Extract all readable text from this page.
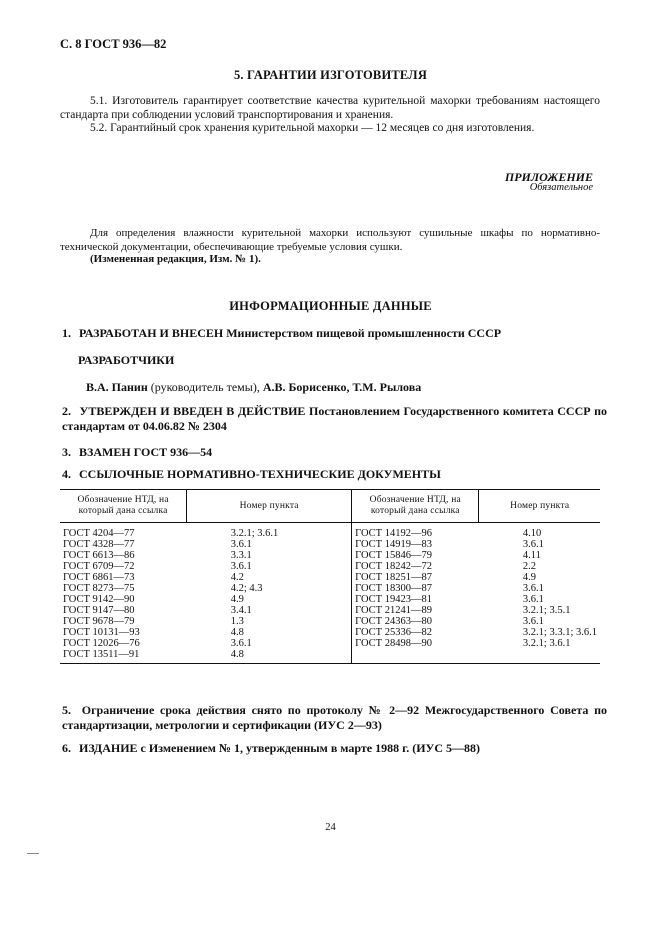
С. 8 ГОСТ 936—82
5. ГАРАНТИИ ИЗГОТОВИТЕЛЯ

5.1. Изготовитель гарантирует соответствие качества курительной махорки требованиям настоящего стандарта при соблюдении условий транспортирования и хранения.

5.2. Гарантийный срок хранения курительной махорки — 12 месяцев со дня изготовления.

ПРИЛОЖЕНИЕ
Обязательное

Для определения влажности курительной махорки используют сушильные шкафы по нормативно-технической документации, обеспечивающие требуемые условия сушки.

(Измененная редакция, Изм. № 1).

ИНФОРМАЦИОННЫЕ ДАННЫЕ
1. РАЗРАБОТАН И ВНЕСЕН Министерством пищевой промышленности СССР
РАЗРАБОТЧИКИ
В.А. Панин (руководитель темы), А.В. Борисенко, Т.М. Рылова
2. УТВЕРЖДЕН И ВВЕДЕН В ДЕЙСТВИЕ Постановлением Государственного комитета СССР по стандартам от 04.06.82 № 2304
3. ВЗАМЕН ГОСТ 936—54
4. ССЫЛОЧНЫЕ НОРМАТИВНО-ТЕХНИЧЕСКИЕ ДОКУМЕНТЫ
Обозначение НТД, на который дана ссылка	Номер пункта	Обозначение НТД, на который дана ссылка	Номер пункта
ГОСТ 4204—77	3.2.1; 3.6.1	ГОСТ 14192—96	4.10
ГОСТ 4328—77	3.6.1	ГОСТ 14919—83	3.6.1
ГОСТ 6613—86	3.3.1	ГОСТ 15846—79	4.11
ГОСТ 6709—72	3.6.1	ГОСТ 18242—72	2.2
ГОСТ 6861—73	4.2	ГОСТ 18251—87	4.9
ГОСТ 8273—75	4.2; 4.3	ГОСТ 18300—87	3.6.1
ГОСТ 9142—90	4.9	ГОСТ 19423—81	3.6.1
ГОСТ 9147—80	3.4.1	ГОСТ 21241—89	3.2.1; 3.5.1
ГОСТ 9678—79	1.3	ГОСТ 24363—80	3.6.1
ГОСТ 10131—93	4.8	ГОСТ 25336—82	3.2.1; 3.3.1; 3.6.1
ГОСТ 12026—76	3.6.1	ГОСТ 28498—90	3.2.1; 3.6.1
ГОСТ 13511—91	4.8		
5. Ограничение срока действия снято по протоколу № 2—92 Межгосударственного Совета по стандартизации, метрологии и сертификации (ИУС 2—93)
6. ИЗДАНИЕ с Изменением № 1, утвержденным в марте 1988 г. (ИУС 5—88)
24
